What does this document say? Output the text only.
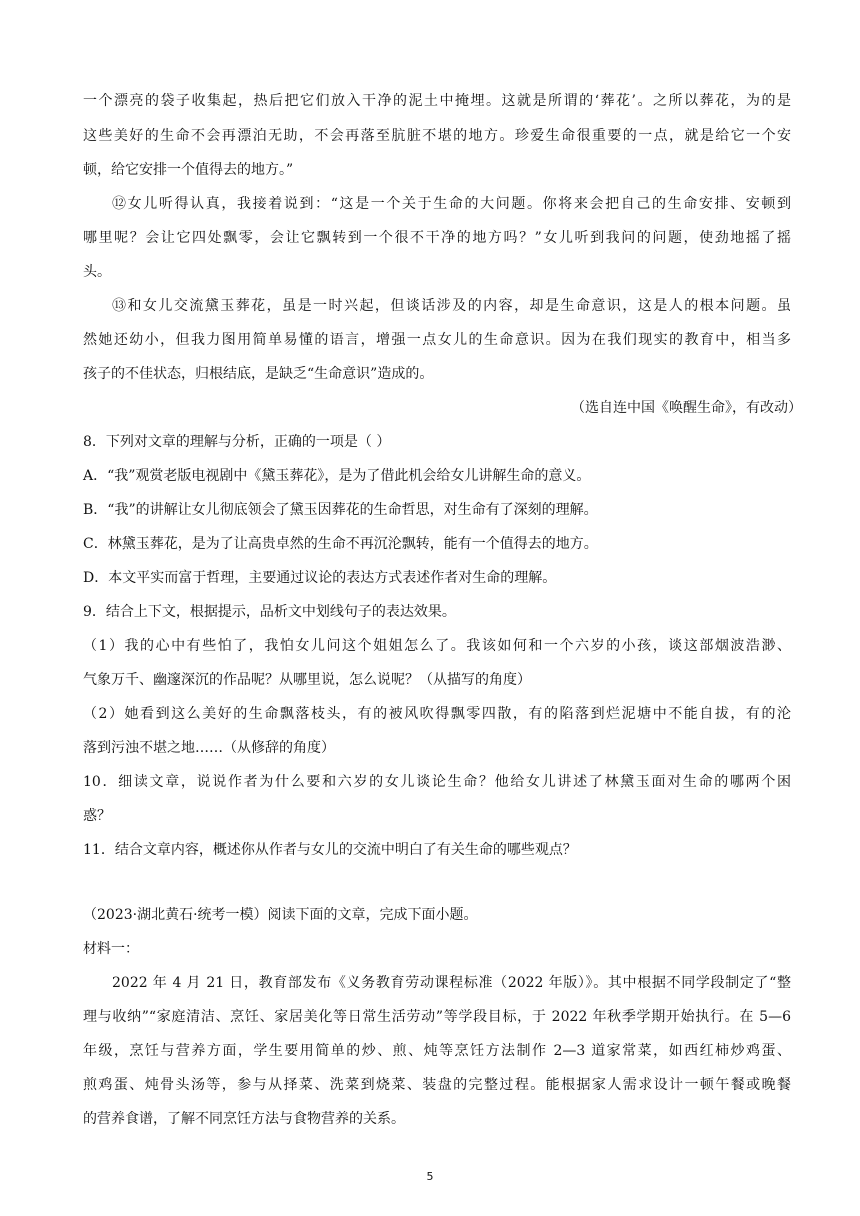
一个漂亮的袋子收集起，热后把它们放入干净的泥土中掩埋。这就是所谓的‘葬花’。之所以葬花，为的是
这些美好的生命不会再漂泊无助，不会再落至肮脏不堪的地方。珍爱生命很重要的一点，就是给它一个安
顿，给它安排一个值得去的地方。”
⑫女儿听得认真，我接着说到：“这是一个关于生命的大问题。你将来会把自己的生命安排、安顿到
哪里呢？会让它四处飘零，会让它飘转到一个很不干净的地方吗？”女儿听到我问的问题，使劲地摇了摇
头。
⑬和女儿交流黛玉葬花，虽是一时兴起，但谈话涉及的内容，却是生命意识，这是人的根本问题。虽
然她还幼小，但我力图用简单易懂的语言，增强一点女儿的生命意识。因为在我们现实的教育中，相当多
孩子的不佳状态，归根结底，是缺乏“生命意识”造成的。
（选自连中国《唤醒生命》，有改动）
8．下列对文章的理解与分析，正确的一项是（ ）
A．“我”观赏老版电视剧中《黛玉葬花》，是为了借此机会给女儿讲解生命的意义。
B．“我”的讲解让女儿彻底领会了黛玉因葬花的生命哲思，对生命有了深刻的理解。
C．林黛玉葬花，是为了让高贵卓然的生命不再沉沦飘转，能有一个值得去的地方。
D．本文平实而富于哲理，主要通过议论的表达方式表述作者对生命的理解。
9．结合上下文，根据提示，品析文中划线句子的表达效果。
（1）我的心中有些怕了，我怕女儿问这个姐姐怎么了。我该如何和一个六岁的小孩，谈这部烟波浩渺、
气象万千、幽邃深沉的作品呢？从哪里说，怎么说呢？（从描写的角度）
（2）她看到这么美好的生命飘落枝头，有的被风吹得飘零四散，有的陷落到烂泥塘中不能自拔，有的沦
落到污浊不堪之地……（从修辞的角度）
10．细读文章，说说作者为什么要和六岁的女儿谈论生命？他给女儿讲述了林黛玉面对生命的哪两个困
惑？
11．结合文章内容，概述你从作者与女儿的交流中明白了有关生命的哪些观点？
（2023·湖北黄石·统考一模）阅读下面的文章，完成下面小题。
材料一：
2022 年 4 月 21 日，教育部发布《义务教育劳动课程标准（2022 年版）》。其中根据不同学段制定了“整
理与收纳”“家庭清洁、烹饪、家居美化等日常生活劳动”等学段目标，于 2022 年秋季学期开始执行。在 5—6
年级，烹饪与营养方面，学生要用简单的炒、煎、炖等烹饪方法制作 2—3 道家常菜，如西红柿炒鸡蛋、
煎鸡蛋、炖骨头汤等，参与从择菜、洗菜到烧菜、装盘的完整过程。能根据家人需求设计一顿午餐或晚餐
的营养食谱，了解不同烹饪方法与食物营养的关系。
5
